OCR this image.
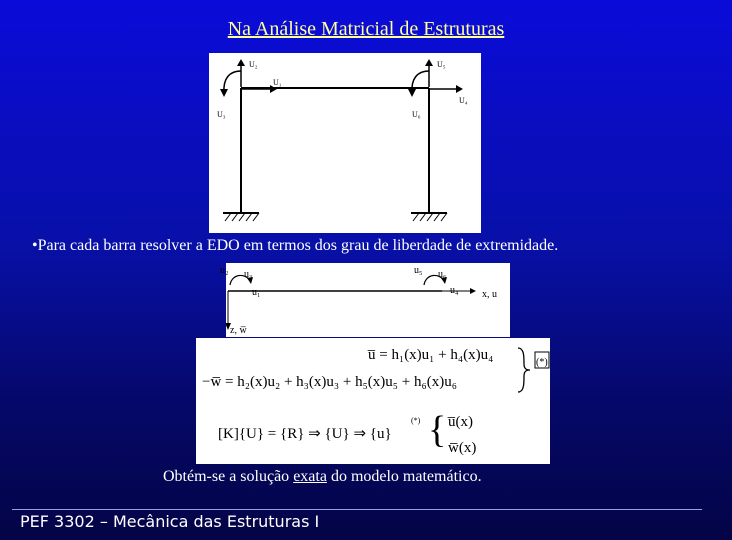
Na Análise Matricial de Estruturas
U₂
U₁
U₃
U₅
U₄
U₆
•Para cada barra resolver a EDO em termos dos grau de liberdade de extremidade.
u₂ u₃
u₁
u₅ u₆
u₄ x, u
z, w̅
u̅ = h₁(x)u₁ + h₄(x)u₄
−w̅ = h₂(x)u₂ + h₃(x)u₃ + h₅(x)u₅ + h₆(x)u₆
(*)
[K]{U} = {R} ⇒ {U} ⇒ {u}
(*) { u̅(x)
w̅(x)
Obtém-se a solução exata do modelo matemático.
PEF 3302 – Mecânica das Estruturas I
